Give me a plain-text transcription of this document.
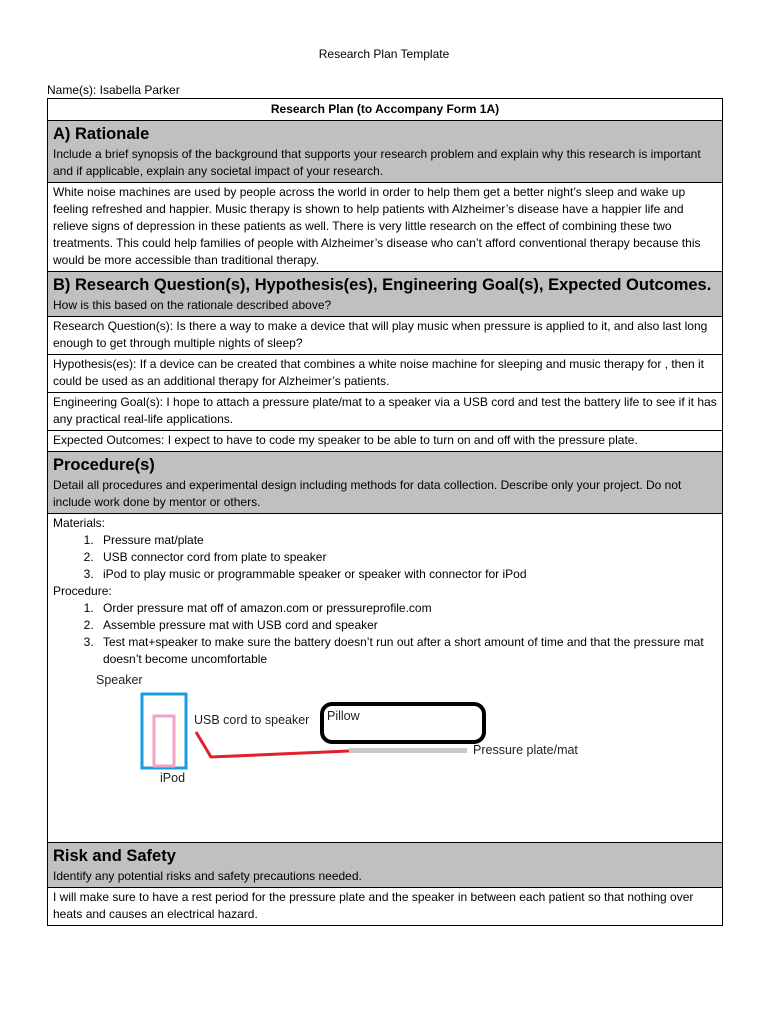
Research Plan Template
Name(s): Isabella Parker
Research Plan (to Accompany Form 1A)

A) Rationale
Include a brief synopsis of the background that supports your research problem and explain why this research is important and if applicable, explain any societal impact of your research.

White noise machines are used by people across the world in order to help them get a better night’s sleep and wake up feeling refreshed and happier. Music therapy is shown to help patients with Alzheimer’s disease have a happier life and relieve signs of depression in these patients as well. There is very little research on the effect of combining these two treatments. This could help families of people with Alzheimer’s disease who can’t afford conventional therapy because this would be more accessible than traditional therapy.

B) Research Question(s), Hypothesis(es), Engineering Goal(s), Expected Outcomes.
How is this based on the rationale described above?

Research Question(s): Is there a way to make a device that will play music when pressure is applied to it, and also last long enough to get through multiple nights of sleep?
Hypothesis(es): If a device can be created that combines a white noise machine for sleeping and music therapy for , then it could be used as an additional therapy for Alzheimer’s patients.
Engineering Goal(s): I hope to attach a pressure plate/mat to a speaker via a USB cord and test the battery life to see if it has any practical real-life applications.
Expected Outcomes: I expect to have to code my speaker to be able to turn on and off with the pressure plate.

Procedure(s)
Detail all procedures and experimental design including methods for data collection. Describe only your project. Do not include work done by mentor or others.

Materials:
1. Pressure mat/plate
2. USB connector cord from plate to speaker
3. iPod to play music or programmable speaker or speaker with connector for iPod
Procedure:
1. Order pressure mat off of amazon.com or pressureprofile.com
2. Assemble pressure mat with USB cord and speaker
3. Test mat+speaker to make sure the battery doesn’t run out after a short amount of time and that the pressure mat doesn’t become uncomfortable
Speaker
iPod
USB cord to speaker Pillow
Pressure plate/mat

Risk and Safety
Identify any potential risks and safety precautions needed.

I will make sure to have a rest period for the pressure plate and the speaker in between each patient so that nothing over heats and causes an electrical hazard.
